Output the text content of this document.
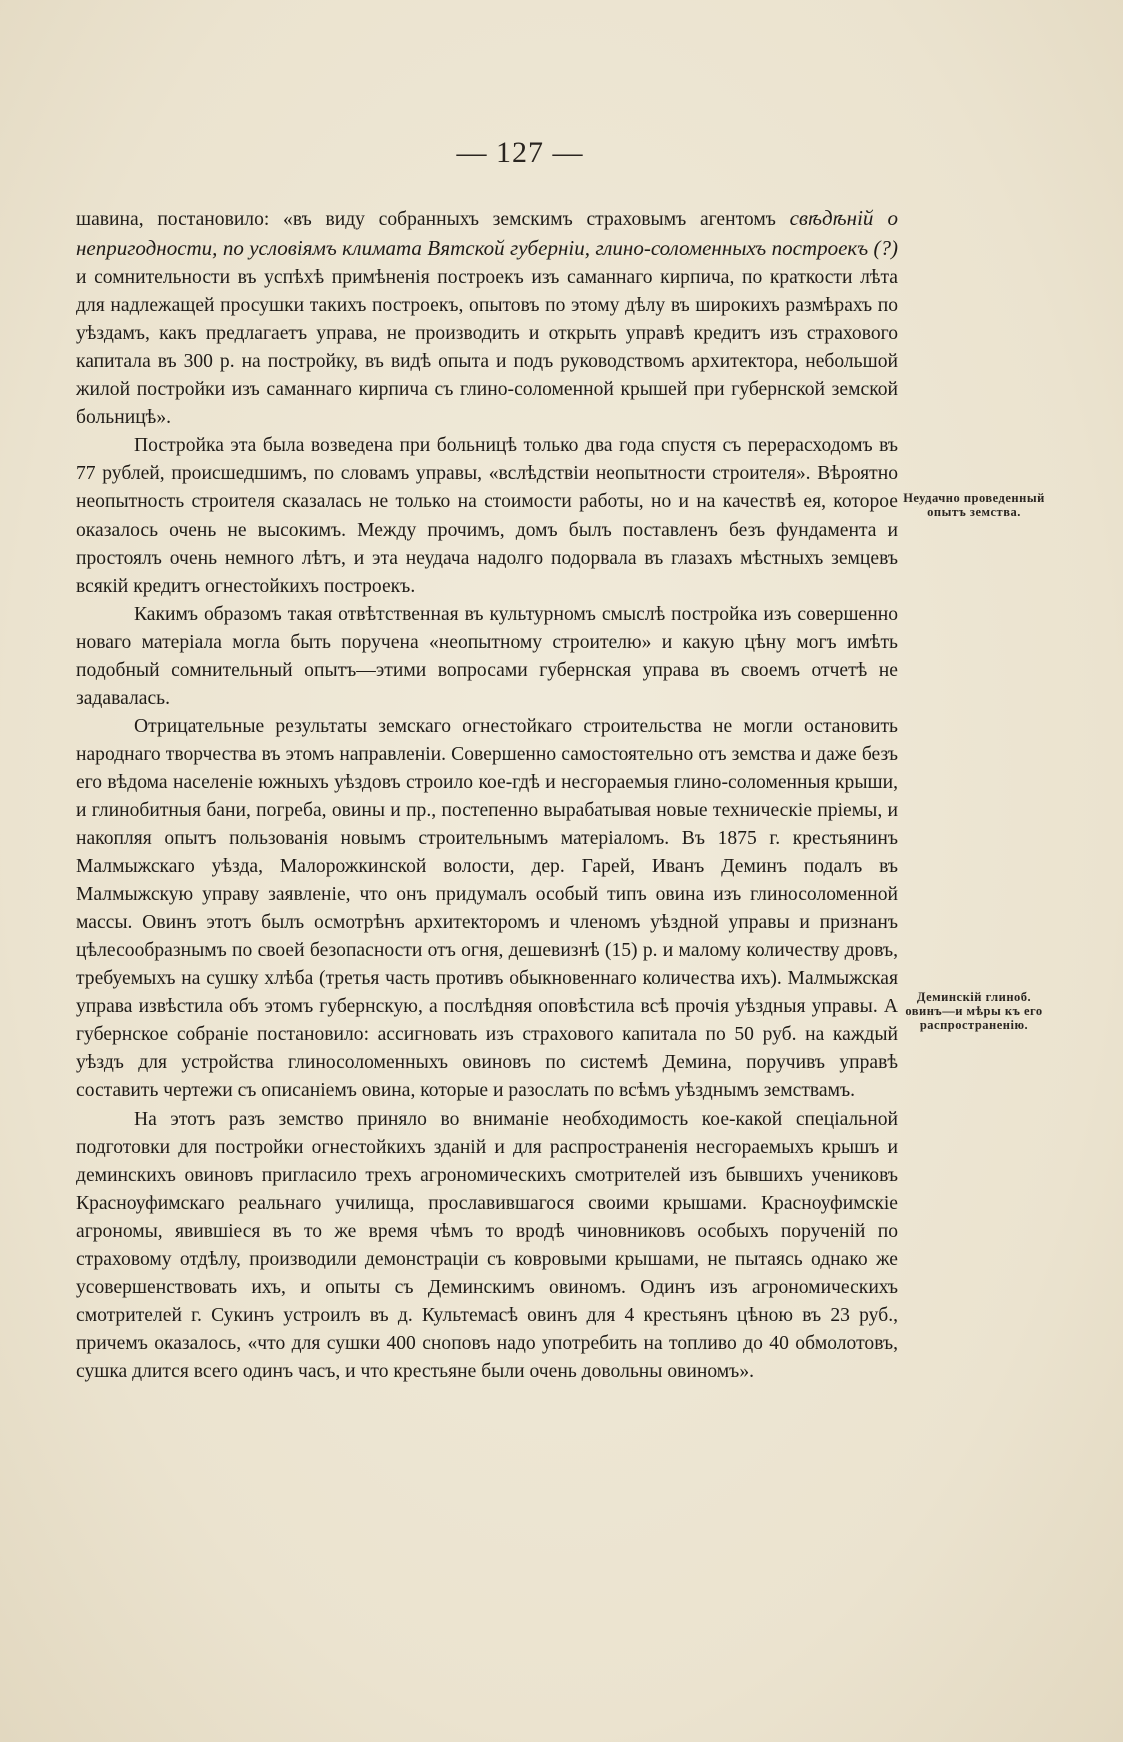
— 127 —

шавина, постановило: «въ виду собранныхъ земскимъ страховымъ агентомъ свѣдѣній о непригодности, по условіямъ климата Вятской губерніи, глино-соломенныхъ построекъ (?) и сомнительности въ успѣхѣ примѣненія построекъ изъ саманнаго кирпича, по краткости лѣта для надлежащей просушки такихъ построекъ, опытовъ по этому дѣлу въ широкихъ размѣрахъ по уѣздамъ, какъ предлагаетъ управа, не производить и открыть управѣ кредитъ изъ страхового капитала въ 300 р. на постройку, въ видѣ опыта и подъ руководствомъ архитектора, небольшой жилой постройки изъ саманнаго кирпича съ глино-соломенной крышей при губернской земской больницѣ».

Постройка эта была возведена при больницѣ только два года спустя съ перерасходомъ въ 77 рублей, происшедшимъ, по словамъ управы, «вслѣдствіи неопытности строителя». Вѣроятно неопытность строителя сказалась не только на стоимости работы, но и на качествѣ ея, которое оказалось очень не высокимъ. Между прочимъ, домъ былъ поставленъ безъ фундамента и простоялъ очень немного лѣтъ, и эта неудача надолго подорвала въ глазахъ мѣстныхъ земцевъ всякій кредитъ огнестойкихъ построекъ.

Какимъ образомъ такая отвѣтственная въ культурномъ смыслѣ постройка изъ совершенно новаго матеріала могла быть поручена «неопытному строителю» и какую цѣну могъ имѣть подобный сомнительный опытъ—этими вопросами губернская управа въ своемъ отчетѣ не задавалась.

Отрицательные результаты земскаго огнестойкаго строительства не могли остановить народнаго творчества въ этомъ направленіи. Совершенно самостоятельно отъ земства и даже безъ его вѣдома населеніе южныхъ уѣздовъ строило кое-гдѣ и несгораемыя глино-соломенныя крыши, и глинобитныя бани, погреба, овины и пр., постепенно вырабатывая новые техническіе пріемы, и накопляя опытъ пользованія новымъ строительнымъ матеріаломъ. Въ 1875 г. крестьянинъ Малмыжскаго уѣзда, Малорожкинской волости, дер. Гарей, Иванъ Деминъ подалъ въ Малмыжскую управу заявленіе, что онъ придумалъ особый типъ овина изъ глиносоломенной массы. Овинъ этотъ былъ осмотрѣнъ архитекторомъ и членомъ уѣздной управы и признанъ цѣлесообразнымъ по своей безопасности отъ огня, дешевизнѣ (15) р. и малому количеству дровъ, требуемыхъ на сушку хлѣба (третья часть противъ обыкновеннаго количества ихъ). Малмыжская управа извѣстила объ этомъ губернскую, а послѣдняя оповѣстила всѣ прочія уѣздныя управы. А губернское собраніе постановило: ассигновать изъ страхового капитала по 50 руб. на каждый уѣздъ для устройства глиносоломенныхъ овиновъ по системѣ Демина, поручивъ управѣ составить чертежи съ описаніемъ овина, которые и разослать по всѣмъ уѣзднымъ земствамъ.

На этотъ разъ земство приняло во вниманіе необходимость кое-какой спеціальной подготовки для постройки огнестойкихъ зданій и для распространенія несгораемыхъ крышъ и деминскихъ овиновъ пригласило трехъ агрономическихъ смотрителей изъ бывшихъ учениковъ Красноуфимскаго реальнаго училища, прославившагося своими крышами. Красноуфимскіе агрономы, явившіеся въ то же время чѣмъ то вродѣ чиновниковъ особыхъ порученій по страховому отдѣлу, производили демонстраціи съ ковровыми крышами, не пытаясь однако же усовершенствовать ихъ, и опыты съ Деминскимъ овиномъ. Одинъ изъ агрономическихъ смотрителей г. Сукинъ устроилъ въ д. Культемасѣ овинъ для 4 крестьянъ цѣною въ 23 руб., причемъ оказалось, «что для сушки 400 сноповъ надо употребить на топливо до 40 обмолотовъ, сушка длится всего одинъ часъ, и что крестьяне были очень довольны овиномъ».

Неудачно проведенный опытъ земства.
Деминскій глиноб. овинъ—и мѣры къ его распространенію.
